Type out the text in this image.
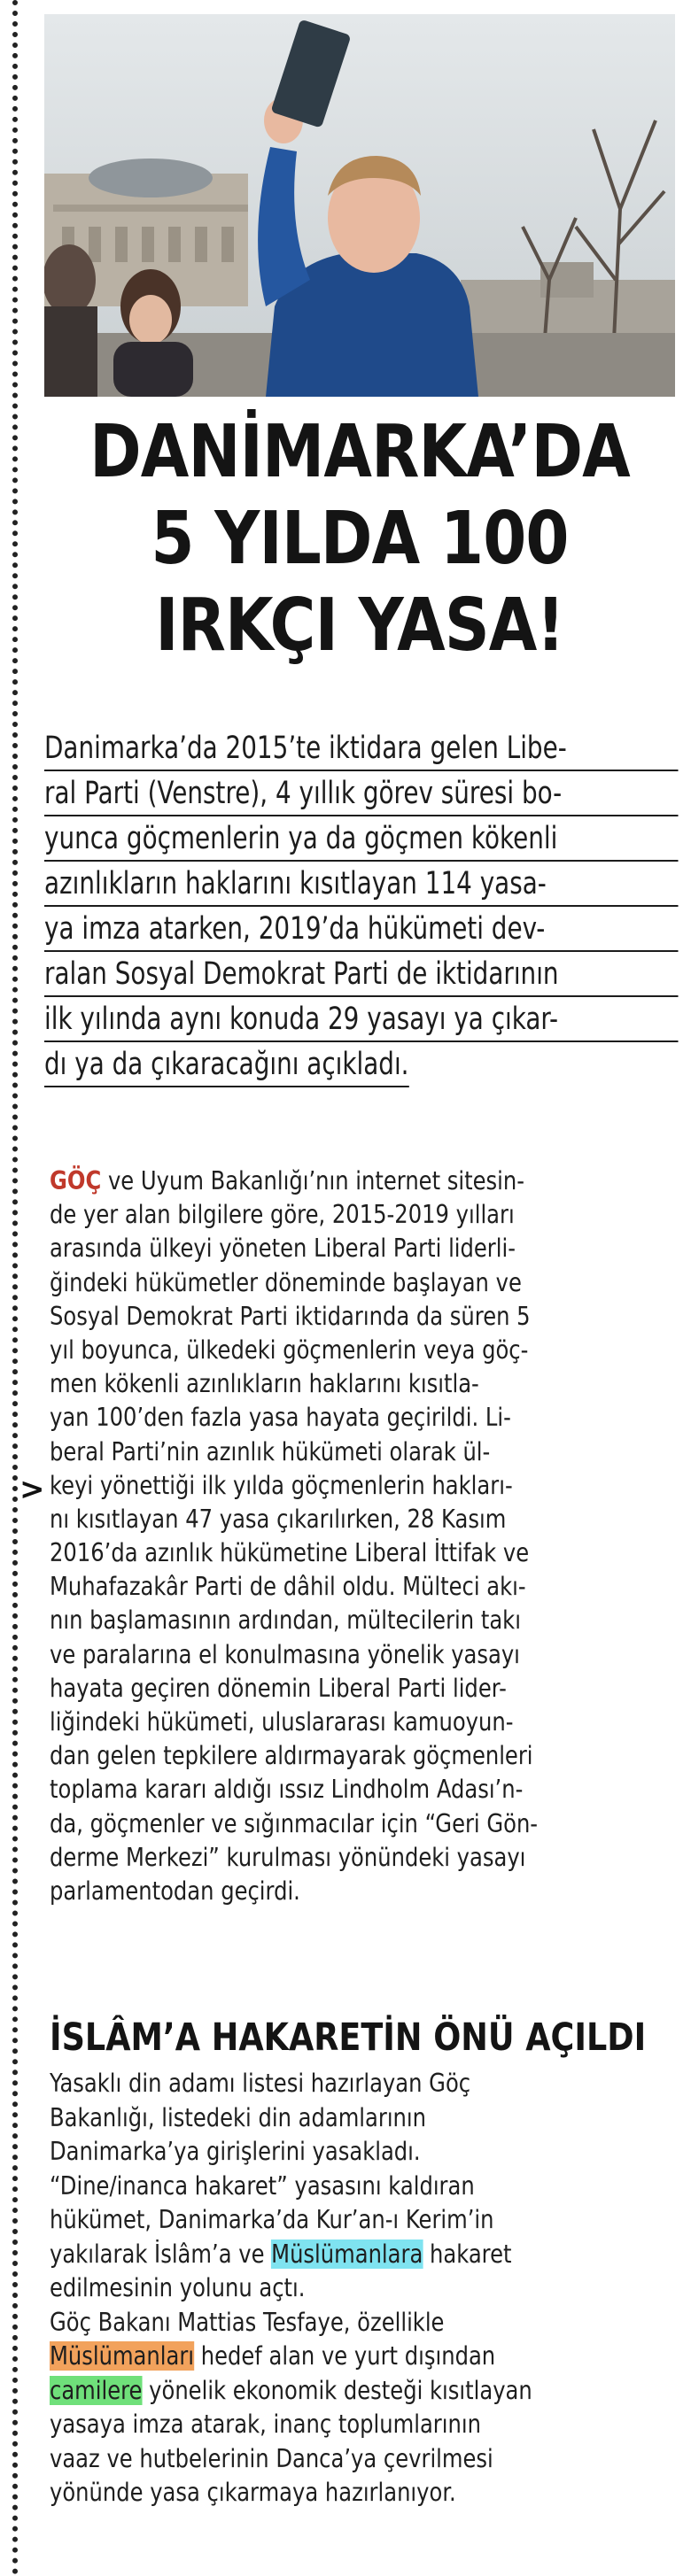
>
DANİMARKA’DA
5 YILDA 100
IRKÇI YASA!
Danimarka’da 2015’te iktidara gelen Libe-
ral Parti (Venstre), 4 yıllık görev süresi bo-
yunca göçmenlerin ya da göçmen kökenli
azınlıkların haklarını kısıtlayan 114 yasa-
ya imza atarken, 2019’da hükümeti dev-
ralan Sosyal Demokrat Parti de iktidarının
ilk yılında aynı konuda 29 yasayı ya çıkar-
dı ya da çıkaracağını açıkladı.
GÖÇ ve Uyum Bakanlığı’nın internet sitesin-
de yer alan bilgilere göre, 2015-2019 yılları
arasında ülkeyi yöneten Liberal Parti liderli-
ğindeki hükümetler döneminde başlayan ve
Sosyal Demokrat Parti iktidarında da süren 5
yıl boyunca, ülkedeki göçmenlerin veya göç-
men kökenli azınlıkların haklarını kısıtla-
yan 100’den fazla yasa hayata geçirildi. Li-
beral Parti’nin azınlık hükümeti olarak ül-
keyi yönettiği ilk yılda göçmenlerin hakları-
nı kısıtlayan 47 yasa çıkarılırken, 28 Kasım
2016’da azınlık hükümetine Liberal İttifak ve
Muhafazakâr Parti de dâhil oldu. Mülteci akı-
nın başlamasının ardından, mültecilerin takı
ve paralarına el konulmasına yönelik yasayı
hayata geçiren dönemin Liberal Parti lider-
liğindeki hükümeti, uluslararası kamuoyun-
dan gelen tepkilere aldırmayarak göçmenleri
toplama kararı aldığı ıssız Lindholm Adası’n-
da, göçmenler ve sığınmacılar için “Geri Gön-
derme Merkezi” kurulması yönündeki yasayı
parlamentodan geçirdi.
İSLÂM’A HAKARETİN ÖNÜ AÇILDI
Yasaklı din adamı listesi hazırlayan Göç
Bakanlığı, listedeki din adamlarının
Danimarka’ya girişlerini yasakladı.
“Dine/inanca hakaret” yasasını kaldıran
hükümet, Danimarka’da Kur’an-ı Kerim’in
yakılarak İslâm’a ve Müslümanlara hakaret
edilmesinin yolunu açtı.
Göç Bakanı Mattias Tesfaye, özellikle
Müslümanları hedef alan ve yurt dışından
camilere yönelik ekonomik desteği kısıtlayan
yasaya imza atarak, inanç toplumlarının
vaaz ve hutbelerinin Danca’ya çevrilmesi
yönünde yasa çıkarmaya hazırlanıyor.
